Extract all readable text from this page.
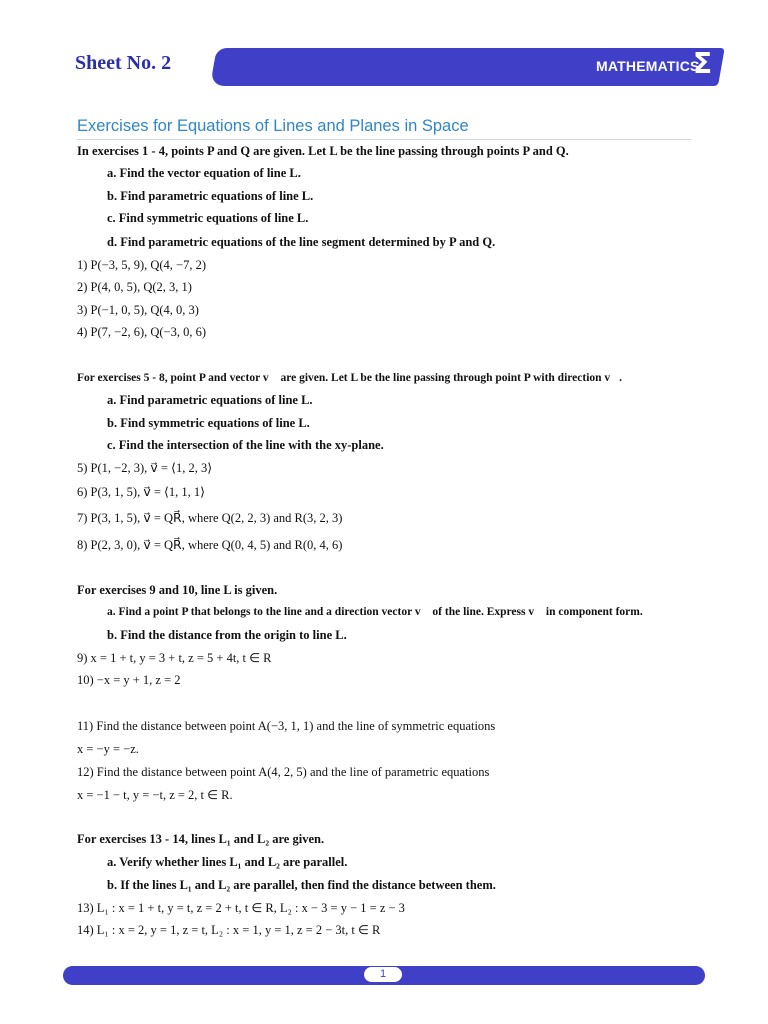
Sheet No. 2	MATHEMATICS
Σ
Exercises for Equations of Lines and Planes in Space
In exercises 1 - 4, points P and Q are given. Let L be the line passing through points P and Q.
a. Find the vector equation of line L.
b. Find parametric equations of line L.
c. Find symmetric equations of line L.
d. Find parametric equations of the line segment determined by P and Q.
1) P(−3, 5, 9), Q(4, −7, 2)
2) P(4, 0, 5), Q(2, 3, 1)
3) P(−1, 0, 5), Q(4, 0, 3)
4) P(7, −2, 6), Q(−3, 0, 6)
For exercises 5 - 8, point P and vector v⃗ are given. Let L be the line passing through point P with direction v⃗.
a. Find parametric equations of line L.
b. Find symmetric equations of line L.
c. Find the intersection of the line with the xy-plane.
5) P(1, −2, 3), v⃗ = ⟨1, 2, 3⟩
6) P(3, 1, 5), v⃗ = ⟨1, 1, 1⟩
7) P(3, 1, 5), v⃗ = QR⃗, where Q(2, 2, 3) and R(3, 2, 3)
8) P(2, 3, 0), v⃗ = QR⃗, where Q(0, 4, 5) and R(0, 4, 6)
For exercises 9 and 10, line L is given.
a. Find a point P that belongs to the line and a direction vector v⃗ of the line. Express v⃗ in component form.
b. Find the distance from the origin to line L.
9) x = 1 + t, y = 3 + t, z = 5 + 4t, t ∈ R
10) −x = y + 1, z = 2
11) Find the distance between point A(−3, 1, 1) and the line of symmetric equations
x = −y = −z.
12) Find the distance between point A(4, 2, 5) and the line of parametric equations
x = −1 − t, y = −t, z = 2, t ∈ R.
For exercises 13 - 14, lines L₁ and L₂ are given.
a. Verify whether lines L₁ and L₂ are parallel.
b. If the lines L₁ and L₂ are parallel, then find the distance between them.
13) L₁ : x = 1 + t, y = t, z = 2 + t, t ∈ R, L₂ : x − 3 = y − 1 = z − 3
14) L₁ : x = 2, y = 1, z = t, L₂ : x = 1, y = 1, z = 2 − 3t, t ∈ R
1
